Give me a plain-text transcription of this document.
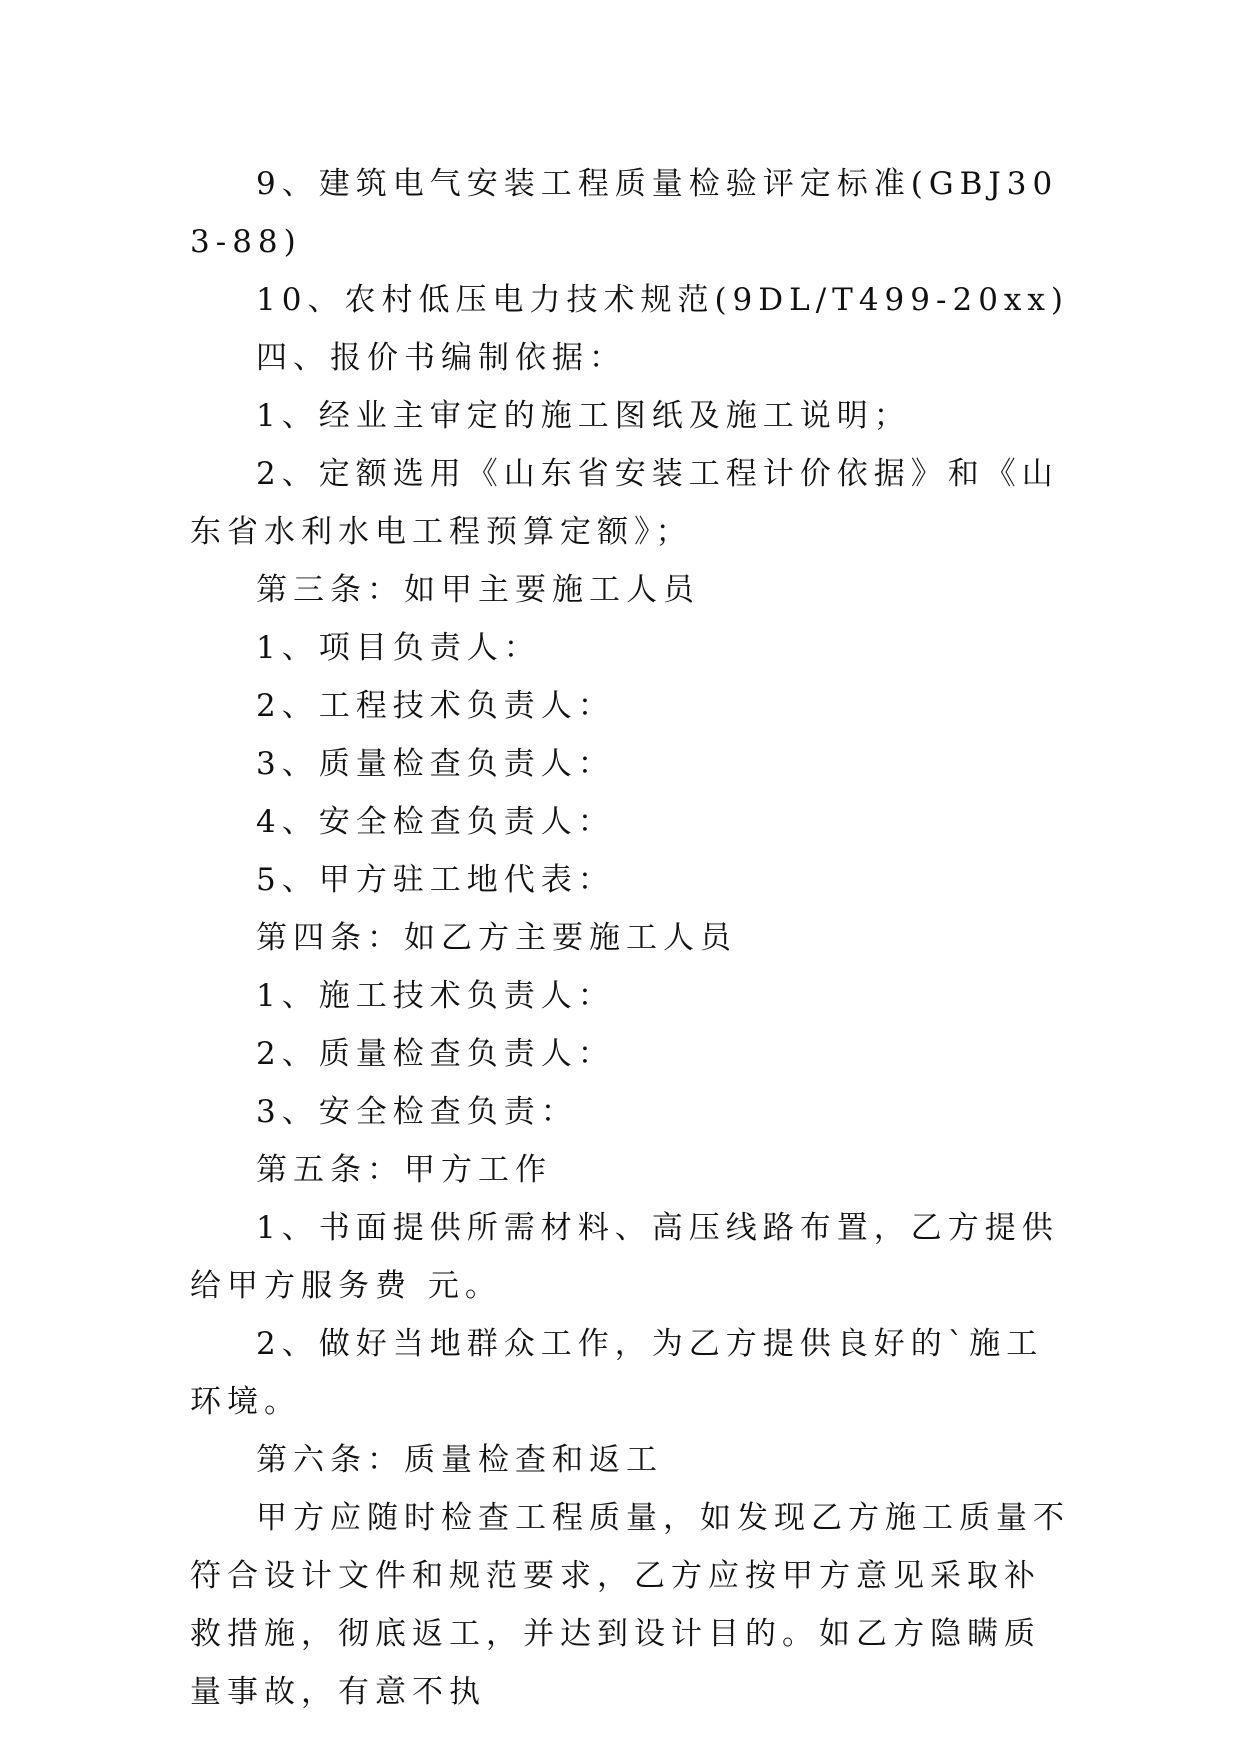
9、建筑电气安装工程质量检验评定标准(GBJ303-88)

10、农村低压电力技术规范(9DL/T499-20xx)

四、报价书编制依据：

1、经业主审定的施工图纸及施工说明；

2、定额选用《山东省安装工程计价依据》和《山东省水利水电工程预算定额》；

第三条：如甲主要施工人员

1、项目负责人：

2、工程技术负责人：

3、质量检查负责人：

4、安全检查负责人：

5、甲方驻工地代表：

第四条：如乙方主要施工人员

1、施工技术负责人：

2、质量检查负责人：

3、安全检查负责：

第五条：甲方工作

1、书面提供所需材料、高压线路布置，乙方提供给甲方服务费 元。

2、做好当地群众工作，为乙方提供良好的`施工环境。

第六条：质量检查和返工

甲方应随时检查工程质量，如发现乙方施工质量不符合设计文件和规范要求，乙方应按甲方意见采取补救措施，彻底返工，并达到设计目的。如乙方隐瞒质量事故，有意不执
